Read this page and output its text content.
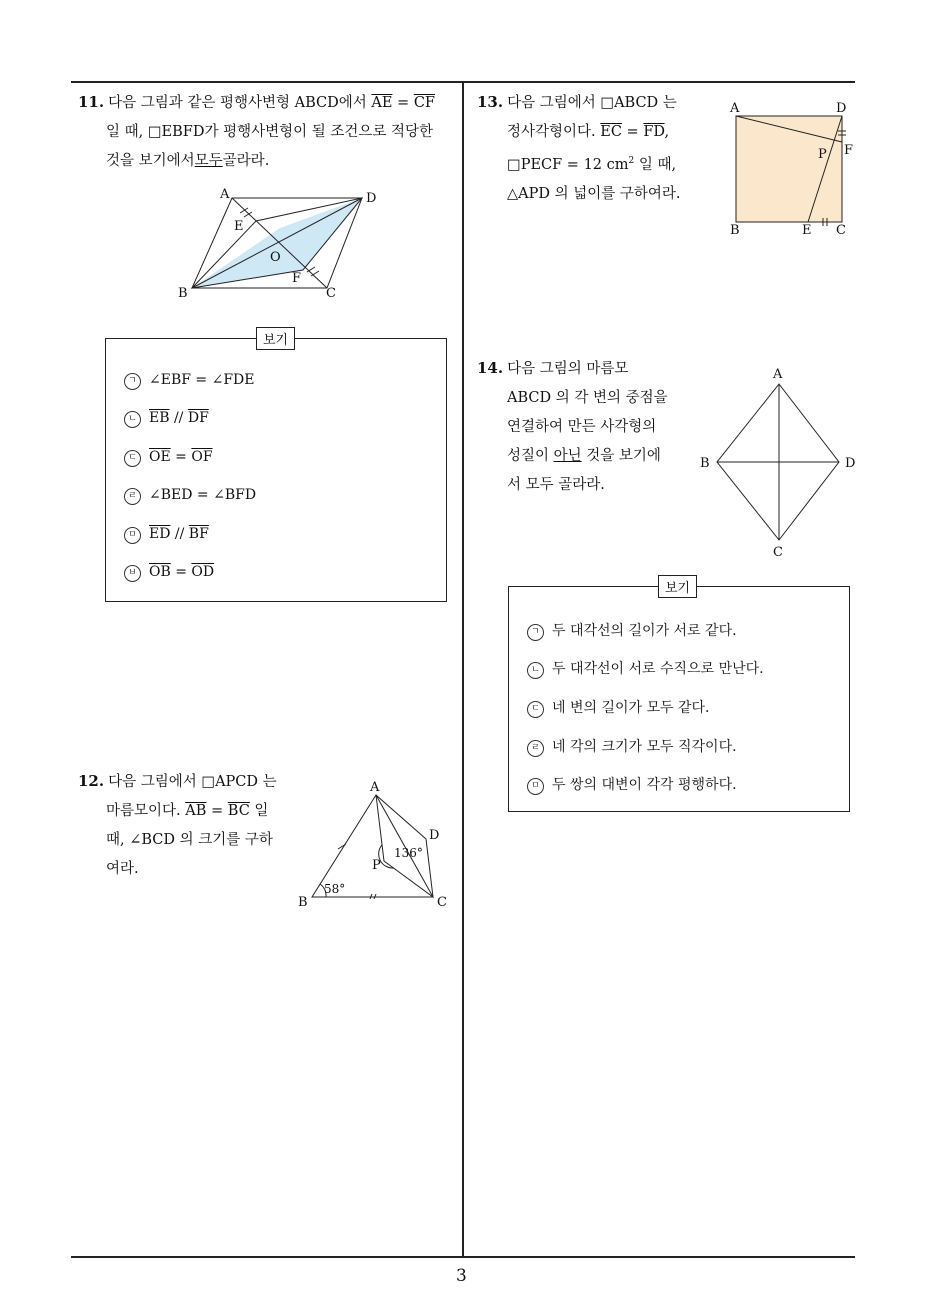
3
11. 다음 그림과 같은 평행사변형 ABCD에서 $\overline{AE} = \overline{CF}$
일 때, □EBFD가 평행사변형이 될 조건으로 적당한
것을 보기에서모두골라라.
A	D
B	C
E
F
O
보기
ㄱ ∠EBF = ∠FDE
ㄴ $\overline{EB} // \overline{DF}$
ㄷ $\overline{OE} = \overline{OF}$
ㄹ ∠BED = ∠BFD
ㅁ $\overline{ED} // \overline{BF}$
ㅂ $\overline{OB} = \overline{OD}$
12. 다음 그림에서 □APCD 는
마름모이다. $\overline{AB} = \overline{BC}$ 일
때, ∠BCD 의 크기를 구하
여라.
A
D
B	C
P
58°
136°
13. 다음 그림에서 □ABCD 는
정사각형이다. $\overline{EC} = \overline{FD}$,
□PECF = 12 $cm^2$ 일 때,
△APD 의 넓이를 구하여라.
A	D
B	E C
P F
14. 다음 그림의 마름모
ABCD 의 각 변의 중점을
연결하여 만든 사각형의
성질이 아닌 것을 보기에
서 모두 골라라.
A
B	D
C
보기
ㄱ 두 대각선의 길이가 서로 같다.
ㄴ 두 대각선이 서로 수직으로 만난다.
ㄷ 네 변의 길이가 모두 같다.
ㄹ 네 각의 크기가 모두 직각이다.
ㅁ 두 쌍의 대변이 각각 평행하다.
